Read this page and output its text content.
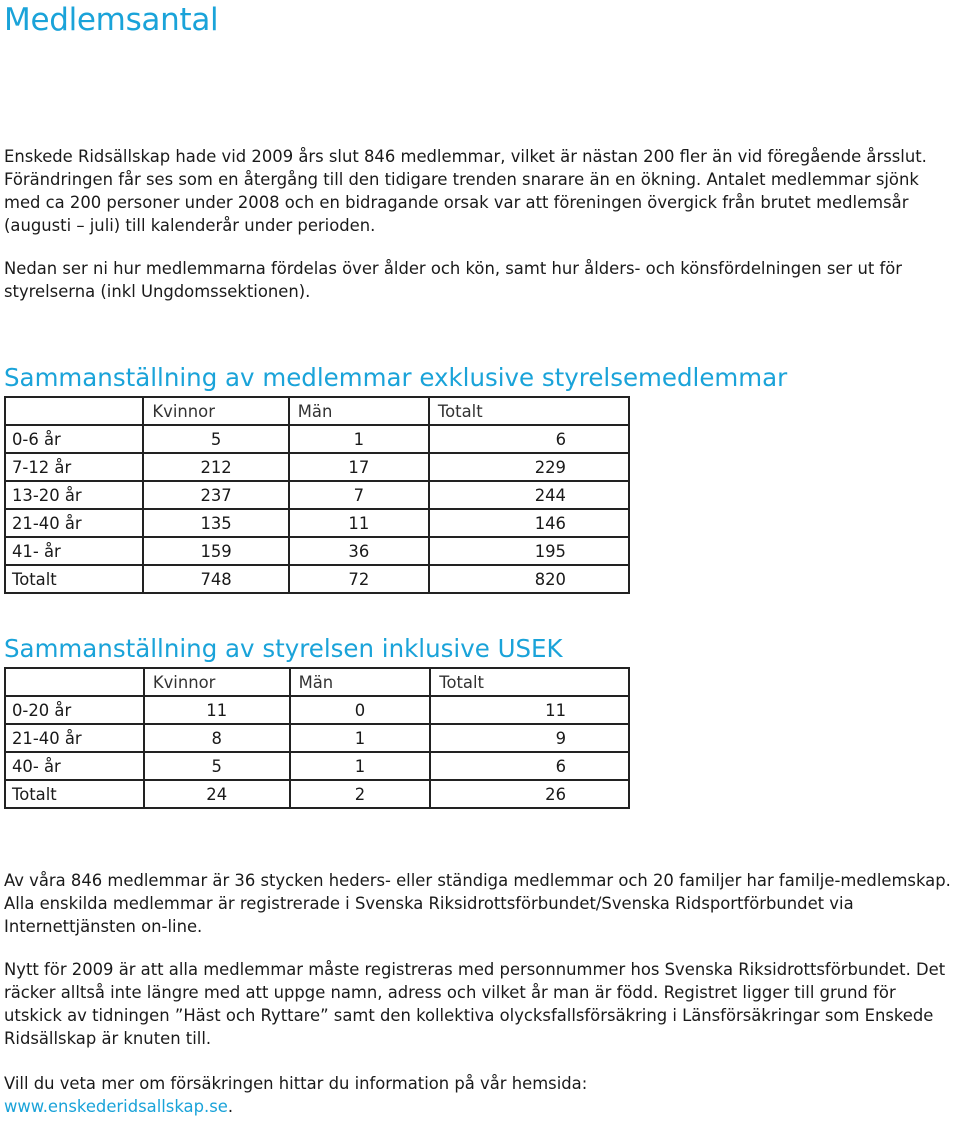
Medlemsantal

Enskede Ridsällskap hade vid 2009 års slut 846 medlemmar, vilket är nästan 200 fler än vid föregående årsslut. Förändringen får ses som en återgång till den tidigare trenden snarare än en ökning. Antalet medlemmar sjönk med ca 200 personer under 2008 och en bidragande orsak var att föreningen övergick från brutet medlemsår (augusti – juli) till kalenderår under perioden.

Nedan ser ni hur medlemmarna fördelas över ålder och kön, samt hur ålders- och könsfördelningen ser ut för styrelserna (inkl Ungdomssektionen).

Sammanställning av medlemmar exklusive styrelsemedlemmar
	Kvinnor	Män	Totalt
0-6 år	5	1	6
7-12 år	212	17	229
13-20 år	237	7	244
21-40 år	135	11	146
41- år	159	36	195
Totalt	748	72	820
Sammanställning av styrelsen inklusive USEK
	Kvinnor	Män	Totalt
0-20 år	11	0	11
21-40 år	8	1	9
40- år	5	1	6
Totalt	24	2	26

Av våra 846 medlemmar är 36 stycken heders- eller ständiga medlemmar och 20 familjer har familje-medlemskap. Alla enskilda medlemmar är registrerade i Svenska Riksidrottsförbundet/Svenska Ridsportförbundet via Internettjänsten on-line.

Nytt för 2009 är att alla medlemmar måste registreras med personnummer hos Svenska Riksidrottsförbundet. Det räcker alltså inte längre med att uppge namn, adress och vilket år man är född. Registret ligger till grund för utskick av tidningen ”Häst och Ryttare” samt den kollektiva olycksfallsförsäkring i Länsförsäkringar som Enskede Ridsällskap är knuten till.

Vill du veta mer om försäkringen hittar du information på vår hemsida:
www.enskederidsallskap.se.
